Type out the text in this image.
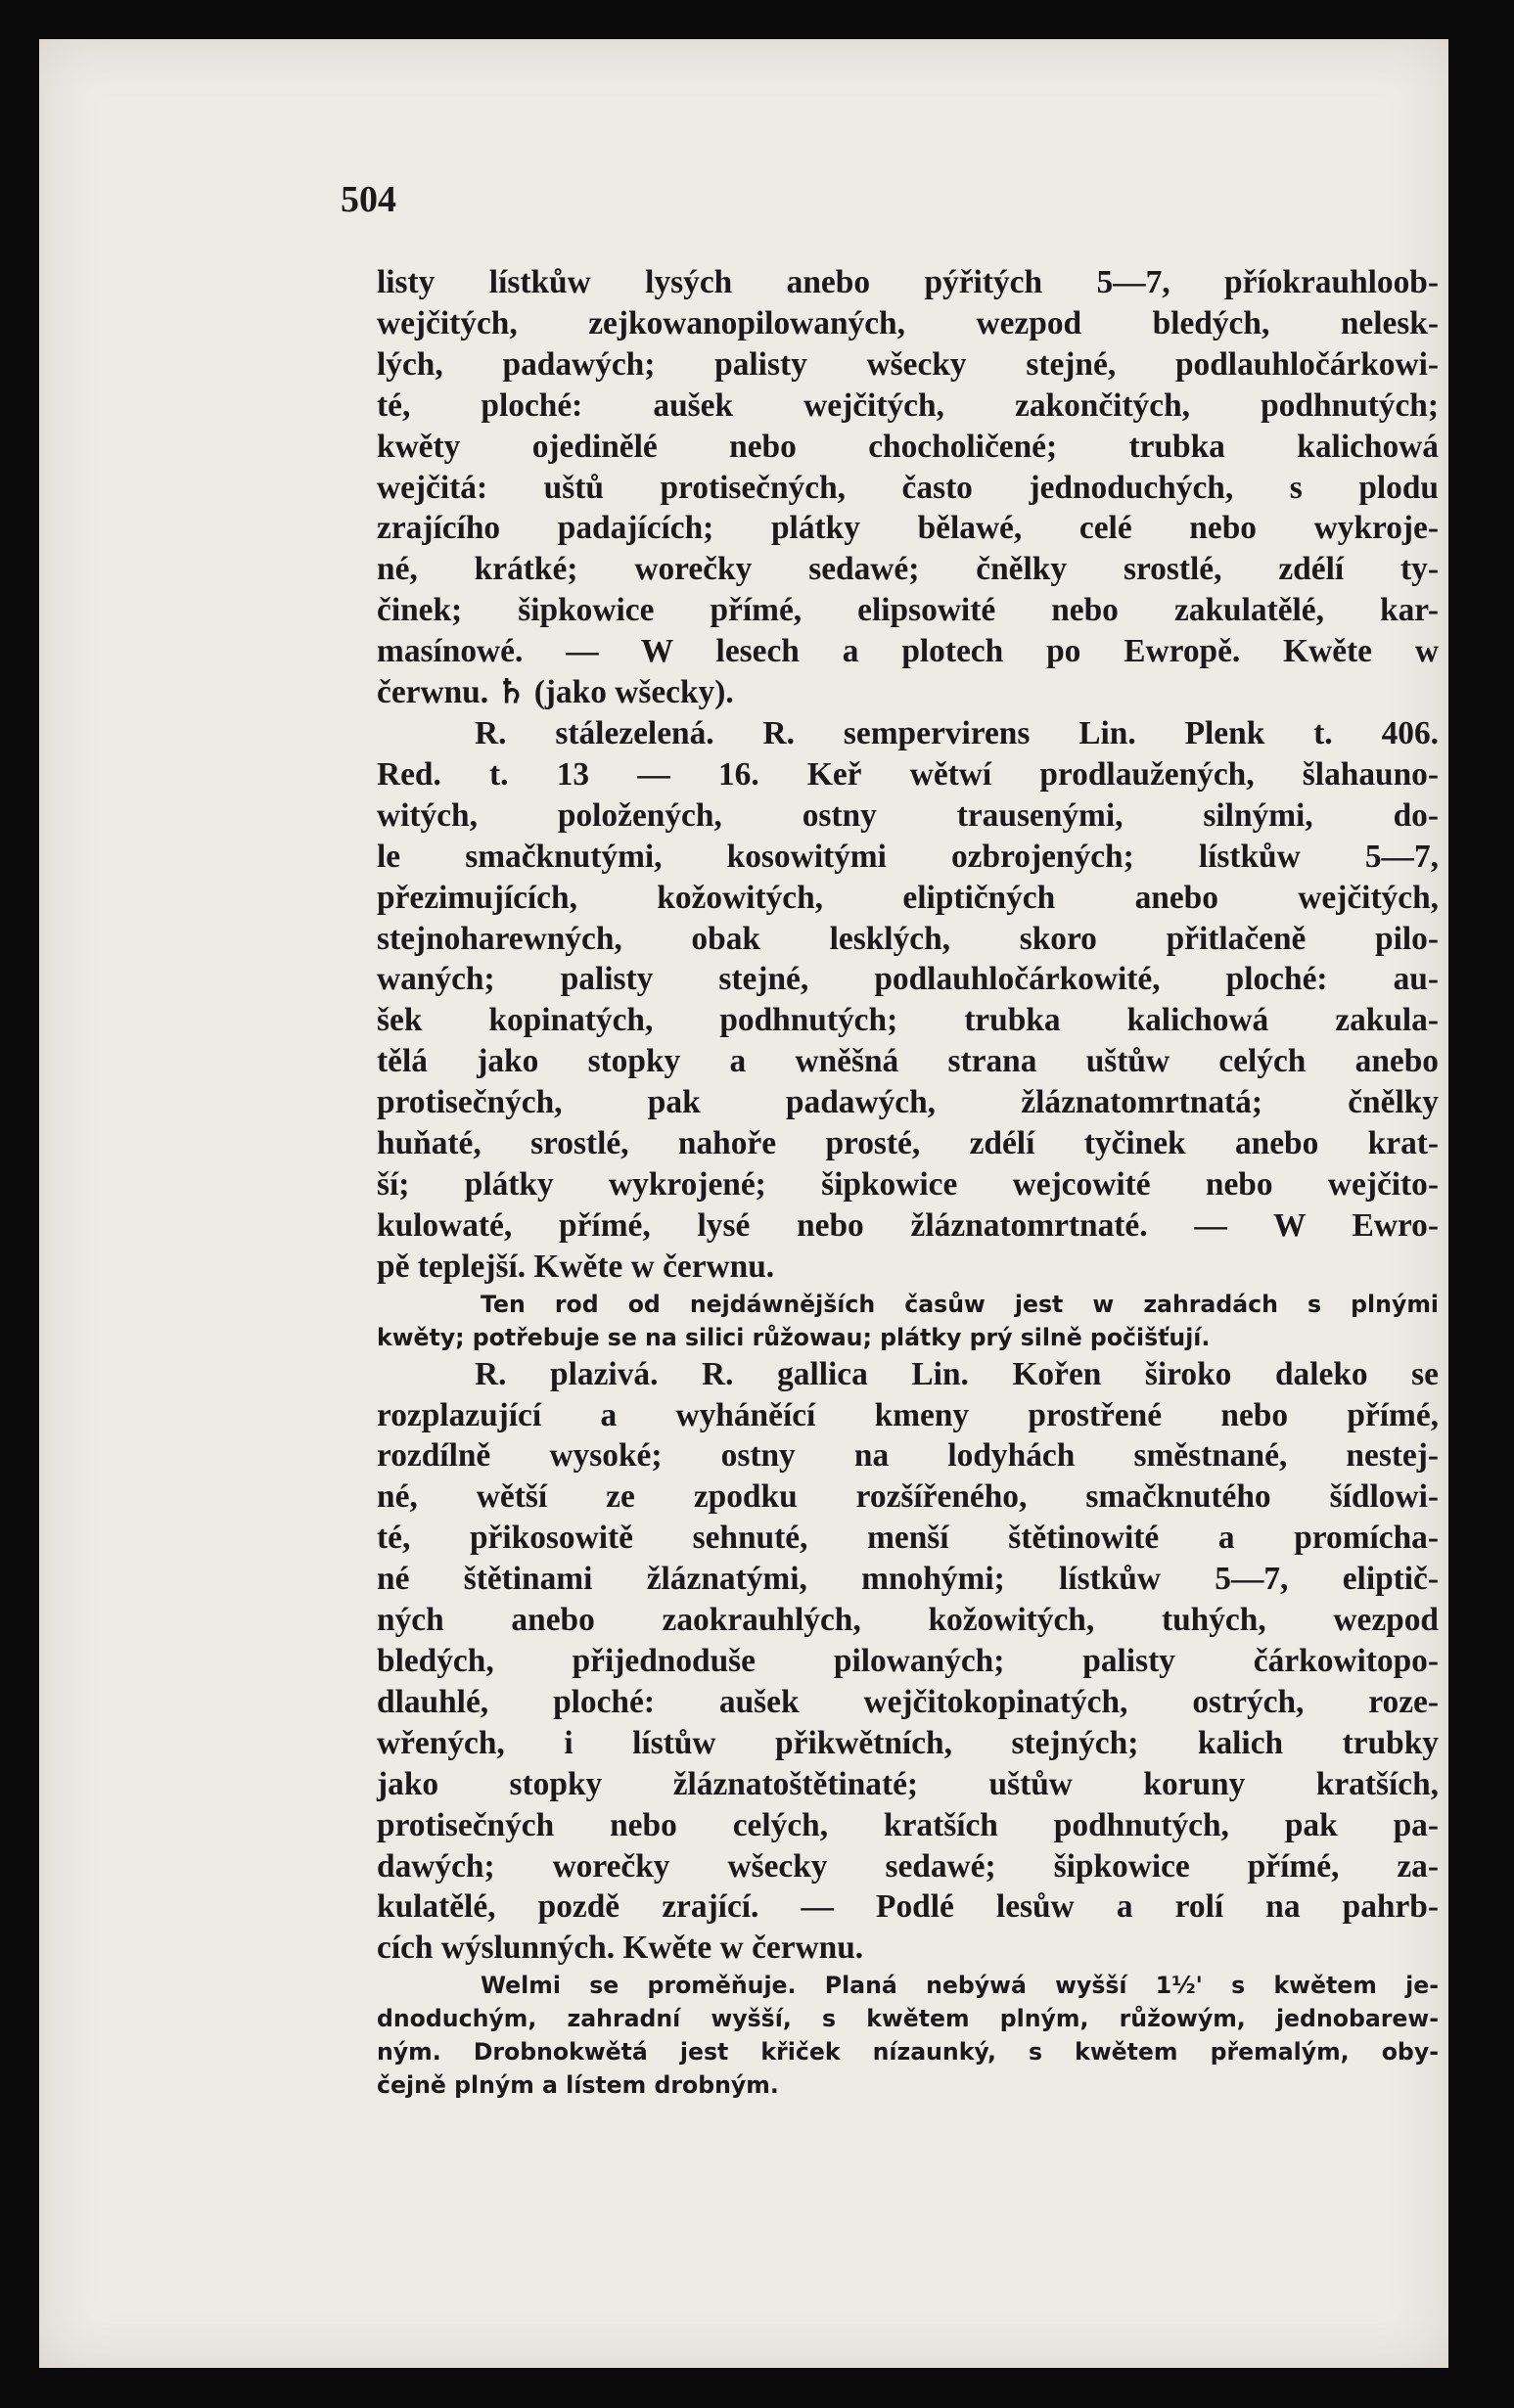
504
listy lístkůw lysých anebo pýřitých 5—7, příokrauhloob-
wejčitých, zejkowanopilowaných, wezpod bledých, nelesk-
lých, padawých; palisty wšecky stejné, podlauhločárkowi-
té, ploché: aušek wejčitých, zakončitých, podhnutých;
kwěty ojedinělé nebo chocholičené; trubka kalichowá
wejčitá: uštů protisečných, často jednoduchých, s plodu
zrajícího padajících; plátky bělawé, celé nebo wykroje-
né, krátké; worečky sedawé; čnělky srostlé, zdélí ty-
činek; šipkowice přímé, elipsowité nebo zakulatělé, kar-
masínowé. — W lesech a plotech po Ewropě. Kwěte w
čerwnu. ♄ (jako wšecky).
R. stálezelená. R. sempervirens Lin. Plenk t. 406.
Red. t. 13 — 16. Keř wětwí prodlaužených, šlahauno-
witých, položených, ostny trausenými, silnými, do-
le smačknutými, kosowitými ozbrojených; lístkůw 5—7,
přezimujících, kožowitých, eliptičných anebo wejčitých,
stejnoharewných, obak lesklých, skoro přitlačeně pilo-
waných; palisty stejné, podlauhločárkowité, ploché: au-
šek kopinatých, podhnutých; trubka kalichowá zakula-
tělá jako stopky a wněšná strana uštůw celých anebo
protisečných, pak padawých, žláznatomrtnatá; čnělky
huňaté, srostlé, nahoře prosté, zdélí tyčinek anebo krat-
ší; plátky wykrojené; šipkowice wejcowité nebo wejčito-
kulowaté, přímé, lysé nebo žláznatomrtnaté. — W Ewro-
pě teplejší. Kwěte w čerwnu.
Ten rod od nejdáwnějších časůw jest w zahradách s plnými
kwěty; potřebuje se na silici růžowau; plátky prý silně počišťují.
R. plazivá. R. gallica Lin. Kořen široko daleko se
rozplazující a wyháněící kmeny prostřené nebo přímé,
rozdílně wysoké; ostny na lodyhách směstnané, nestej-
né, wětší ze zpodku rozšířeného, smačknutého šídlowi-
té, přikosowitě sehnuté, menší štětinowité a promícha-
né štětinami žláznatými, mnohými; lístkůw 5—7, eliptič-
ných anebo zaokrauhlých, kožowitých, tuhých, wezpod
bledých, přijednoduše pilowaných; palisty čárkowitopo-
dlauhlé, ploché: aušek wejčitokopinatých, ostrých, roze-
wřených, i lístůw přikwětních, stejných; kalich trubky
jako stopky žláznatoštětinaté; uštůw koruny kratších,
protisečných nebo celých, kratších podhnutých, pak pa-
dawých; worečky wšecky sedawé; šipkowice přímé, za-
kulatělé, pozdě zrající. — Podlé lesůw a rolí na pahrb-
cích wýslunných. Kwěte w čerwnu.
Welmi se proměňuje. Planá nebýwá wyšší 1½' s kwětem je-
dnoduchým, zahradní wyšší, s kwětem plným, růžowým, jednobarew-
ným. Drobnokwětá jest křiček nízaunký, s kwětem přemalým, oby-
čejně plným a lístem drobným.
